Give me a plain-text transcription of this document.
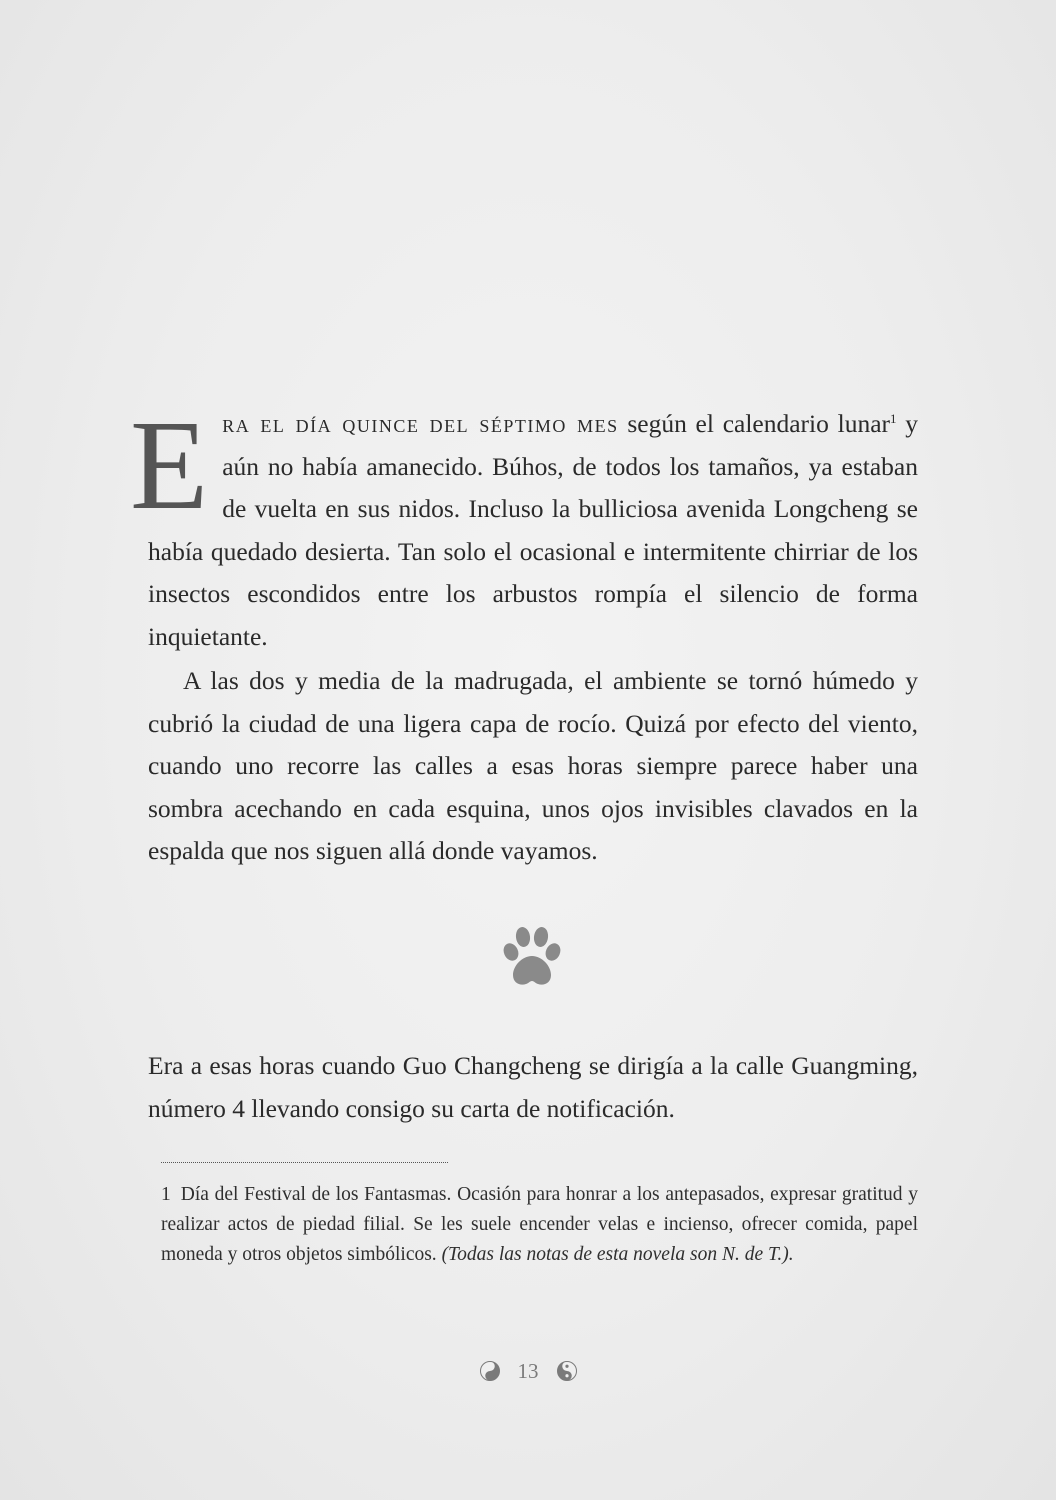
Era el día quince del séptimo mes según el calendario lunar$^1$ y aún no había amanecido. Búhos, de todos los tamaños, ya estaban de vuelta en sus nidos. Incluso la bulliciosa avenida Longcheng se había quedado desierta. Tan solo el ocasional e intermitente chirriar de los insectos escondidos entre los arbustos rompía el silencio de forma inquietante.
A las dos y media de la madrugada, el ambiente se tornó húmedo y cubrió la ciudad de una ligera capa de rocío. Quizá por efecto del viento, cuando uno recorre las calles a esas horas siempre parece haber una sombra acechando en cada esquina, unos ojos invisibles clavados en la espalda que nos siguen allá donde vayamos.
Era a esas horas cuando Guo Changcheng se dirigía a la calle Guangming, número 4 llevando consigo su carta de notificación.
1 Día del Festival de los Fantasmas. Ocasión para honrar a los antepasados, expresar gratitud y realizar actos de piedad filial. Se les suele encender velas e incienso, ofrecer comida, papel moneda y otros objetos simbólicos. (Todas las notas de esta novela son N. de T.).
13
